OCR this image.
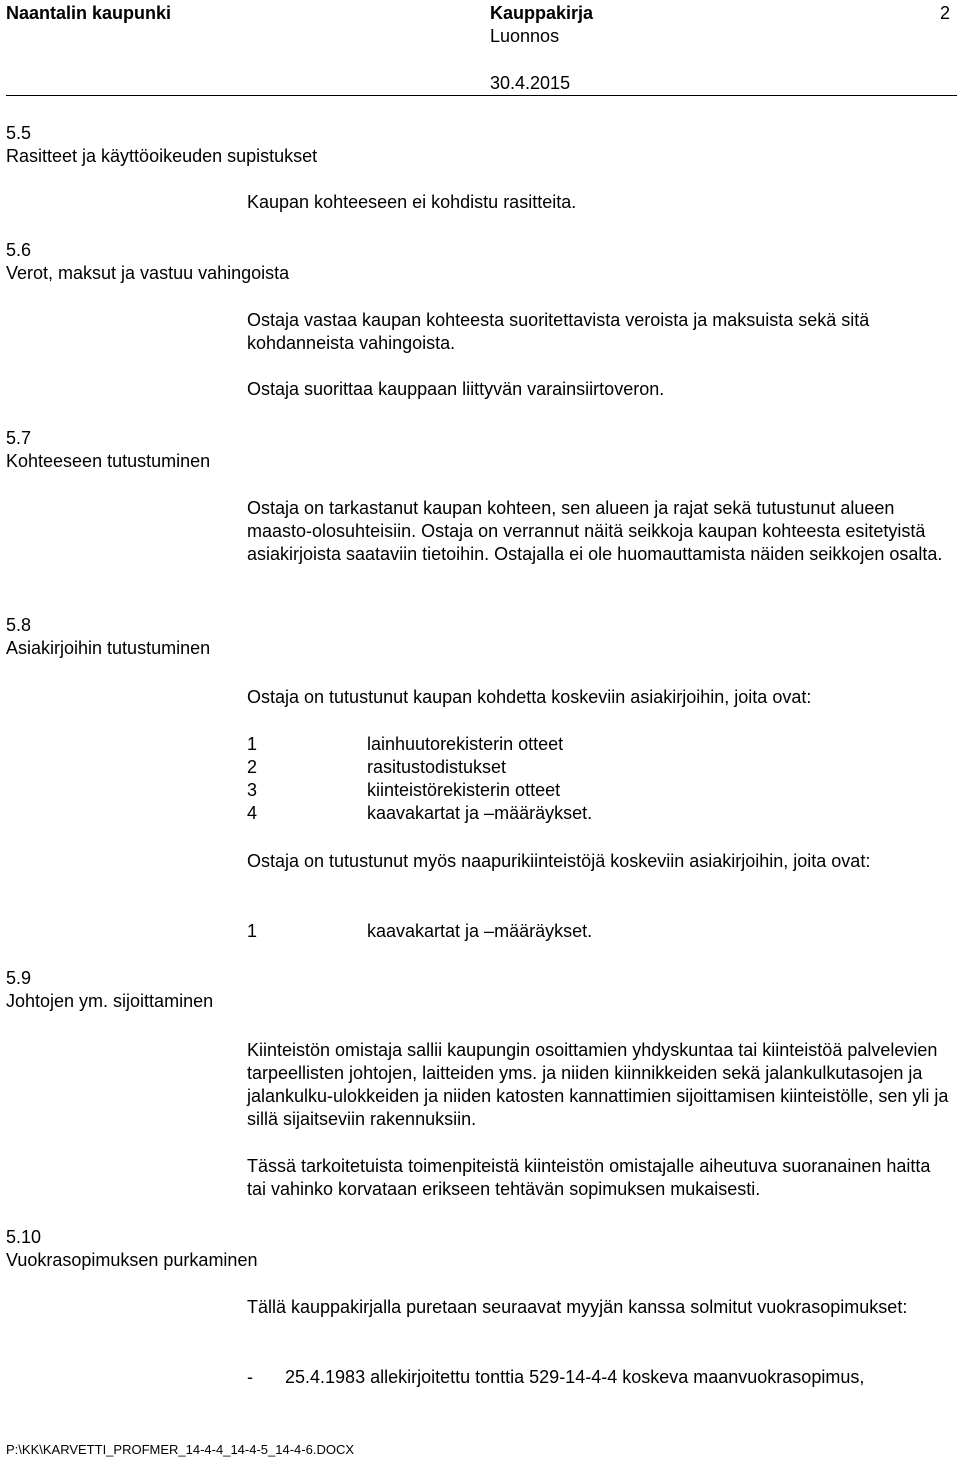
Naantalin kaupunki	Kauppakirja	2
Luonnos
30.4.2015
5.5
Rasitteet ja käyttöoikeuden supistukset
Kaupan kohteeseen ei kohdistu rasitteita.
5.6
Verot, maksut ja vastuu vahingoista
Ostaja vastaa kaupan kohteesta suoritettavista veroista ja maksuista sekä sitä kohdanneista vahingoista.
Ostaja suorittaa kauppaan liittyvän varainsiirtoveron.
5.7
Kohteeseen tutustuminen
Ostaja on tarkastanut kaupan kohteen, sen alueen ja rajat sekä tutustunut alueen maasto-olosuhteisiin. Ostaja on verrannut näitä seikkoja kaupan kohteesta esitetyistä asiakirjoista saataviin tietoihin. Ostajalla ei ole huomauttamista näiden seikkojen osalta.
5.8
Asiakirjoihin tutustuminen
Ostaja on tutustunut kaupan kohdetta koskeviin asiakirjoihin, joita ovat:
1	lainhuutorekisterin otteet
2	rasitustodistukset
3	kiinteistörekisterin otteet
4	kaavakartat ja –määräykset.
Ostaja on tutustunut myös naapurikiinteistöjä koskeviin asiakirjoihin, joita ovat:
1	kaavakartat ja –määräykset.
5.9
Johtojen ym. sijoittaminen
Kiinteistön omistaja sallii kaupungin osoittamien yhdyskuntaa tai kiinteistöä palvelevien tarpeellisten johtojen, laitteiden yms. ja niiden kiinnikkeiden sekä jalankulkutasojen ja jalankulku-ulokkeiden ja niiden katosten kannattimien sijoittamisen kiinteistölle, sen yli ja sillä sijaitseviin rakennuksiin.
Tässä tarkoitetuista toimenpiteistä kiinteistön omistajalle aiheutuva suoranainen haitta tai vahinko korvataan erikseen tehtävän sopimuksen mukaisesti.
5.10
Vuokrasopimuksen purkaminen
Tällä kauppakirjalla puretaan seuraavat myyjän kanssa solmitut vuokrasopimukset:
- 25.4.1983 allekirjoitettu tonttia 529-14-4-4 koskeva maanvuokrasopimus,
P:\KK\KARVETTI_PROFMER_14-4-4_14-4-5_14-4-6.DOCX
